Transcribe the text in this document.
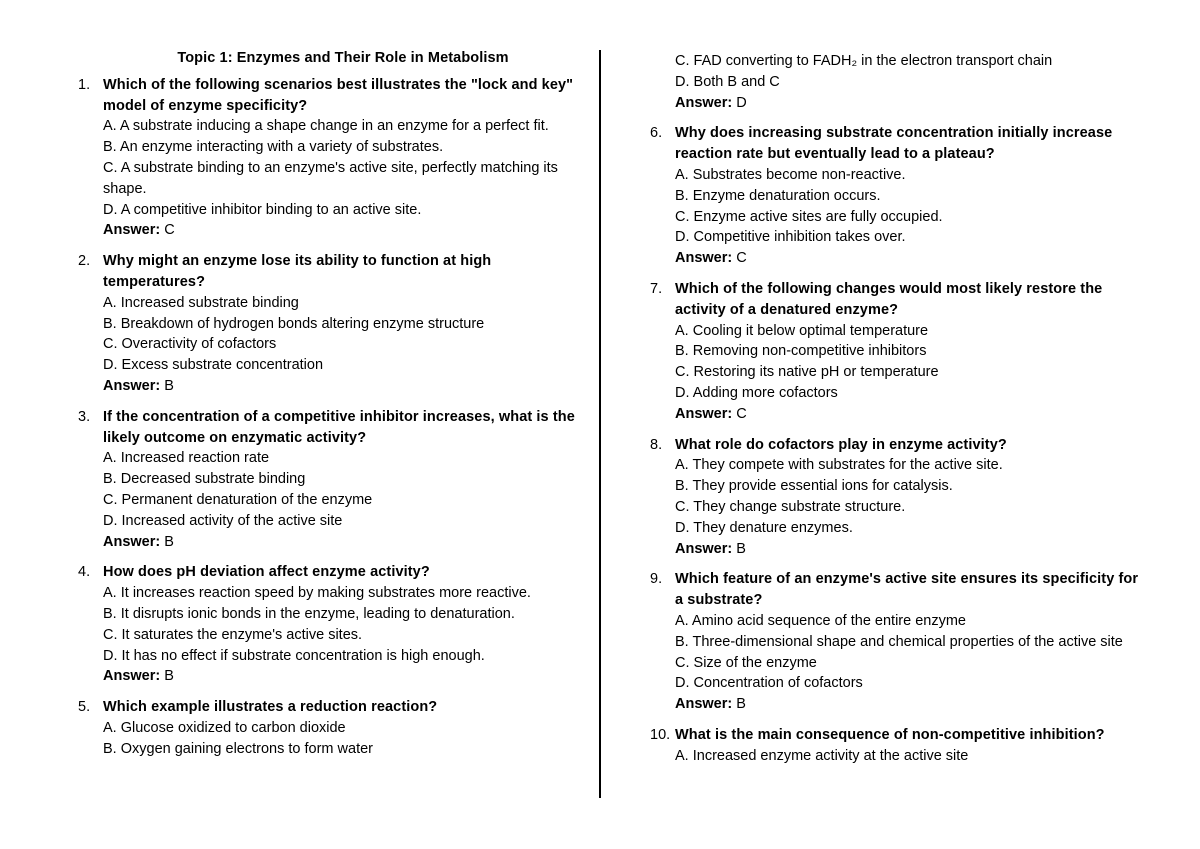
Topic 1: Enzymes and Their Role in Metabolism
1. Which of the following scenarios best illustrates the "lock and key" model of enzyme specificity?
A. A substrate inducing a shape change in an enzyme for a perfect fit.
B. An enzyme interacting with a variety of substrates.
C. A substrate binding to an enzyme's active site, perfectly matching its shape.
D. A competitive inhibitor binding to an active site.
Answer: C
2. Why might an enzyme lose its ability to function at high temperatures?
A. Increased substrate binding
B. Breakdown of hydrogen bonds altering enzyme structure
C. Overactivity of cofactors
D. Excess substrate concentration
Answer: B
3. If the concentration of a competitive inhibitor increases, what is the likely outcome on enzymatic activity?
A. Increased reaction rate
B. Decreased substrate binding
C. Permanent denaturation of the enzyme
D. Increased activity of the active site
Answer: B
4. How does pH deviation affect enzyme activity?
A. It increases reaction speed by making substrates more reactive.
B. It disrupts ionic bonds in the enzyme, leading to denaturation.
C. It saturates the enzyme's active sites.
D. It has no effect if substrate concentration is high enough.
Answer: B
5. Which example illustrates a reduction reaction?
A. Glucose oxidized to carbon dioxide
B. Oxygen gaining electrons to form water
C. FAD converting to FADH₂ in the electron transport chain
D. Both B and C
Answer: D
6. Why does increasing substrate concentration initially increase reaction rate but eventually lead to a plateau?
A. Substrates become non-reactive.
B. Enzyme denaturation occurs.
C. Enzyme active sites are fully occupied.
D. Competitive inhibition takes over.
Answer: C
7. Which of the following changes would most likely restore the activity of a denatured enzyme?
A. Cooling it below optimal temperature
B. Removing non-competitive inhibitors
C. Restoring its native pH or temperature
D. Adding more cofactors
Answer: C
8. What role do cofactors play in enzyme activity?
A. They compete with substrates for the active site.
B. They provide essential ions for catalysis.
C. They change substrate structure.
D. They denature enzymes.
Answer: B
9. Which feature of an enzyme's active site ensures its specificity for a substrate?
A. Amino acid sequence of the entire enzyme
B. Three-dimensional shape and chemical properties of the active site
C. Size of the enzyme
D. Concentration of cofactors
Answer: B
10. What is the main consequence of non-competitive inhibition?
A. Increased enzyme activity at the active site
